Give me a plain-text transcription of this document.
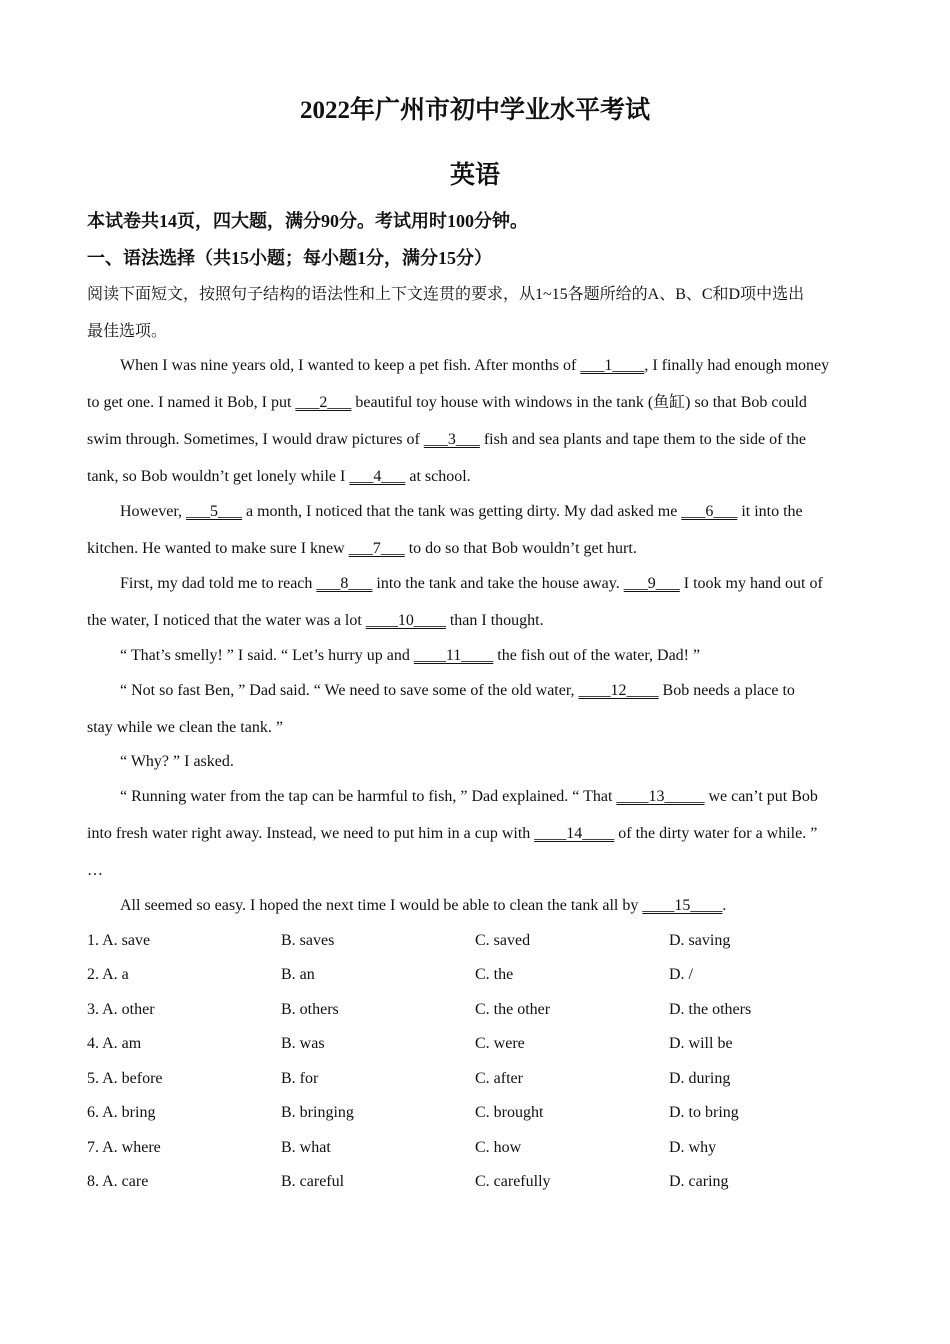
2022年广州市初中学业水平考试
英语
本试卷共14页，四大题，满分90分。考试用时100分钟。
一、语法选择（共15小题；每小题1分，满分15分）
阅读下面短文，按照句子结构的语法性和上下文连贯的要求，从1~15各题所给的A、B、C和D项中选出
最佳选项。
When I was nine years old, I wanted to keep a pet fish. After months of ___1____, I finally had enough money
to get one. I named it Bob, I put ___2___ beautiful toy house with windows in the tank (鱼缸) so that Bob could
swim through. Sometimes, I would draw pictures of ___3___ fish and sea plants and tape them to the side of the
tank, so Bob wouldn’t get lonely while I ___4___ at school.
However, ___5___ a month, I noticed that the tank was getting dirty. My dad asked me ___6___ it into the
kitchen. He wanted to make sure I knew ___7___ to do so that Bob wouldn’t get hurt.
First, my dad told me to reach ___8___ into the tank and take the house away. ___9___ I took my hand out of
the water, I noticed that the water was a lot ____10____ than I thought.
“ That’s smelly! ” I said. “ Let’s hurry up and ____11____ the fish out of the water, Dad! ”
“ Not so fast Ben, ” Dad said. “ We need to save some of the old water, ____12____ Bob needs a place to
stay while we clean the tank. ”
“ Why? ” I asked.
“ Running water from the tap can be harmful to fish, ” Dad explained. “ That ____13_____ we can’t put Bob
into fresh water right away. Instead, we need to put him in a cup with ____14____ of the dirty water for a while. ”
…
All seemed so easy. I hoped the next time I would be able to clean the tank all by ____15____.
1. A. save	B. saves	C. saved	D. saving
2. A. a	B. an	C. the	D. /
3. A. other	B. others	C. the other	D. the others
4. A. am	B. was	C. were	D. will be
5. A. before	B. for	C. after	D. during
6. A. bring	B. bringing	C. brought	D. to bring
7. A. where	B. what	C. how	D. why
8. A. care	B. careful	C. carefully	D. caring
